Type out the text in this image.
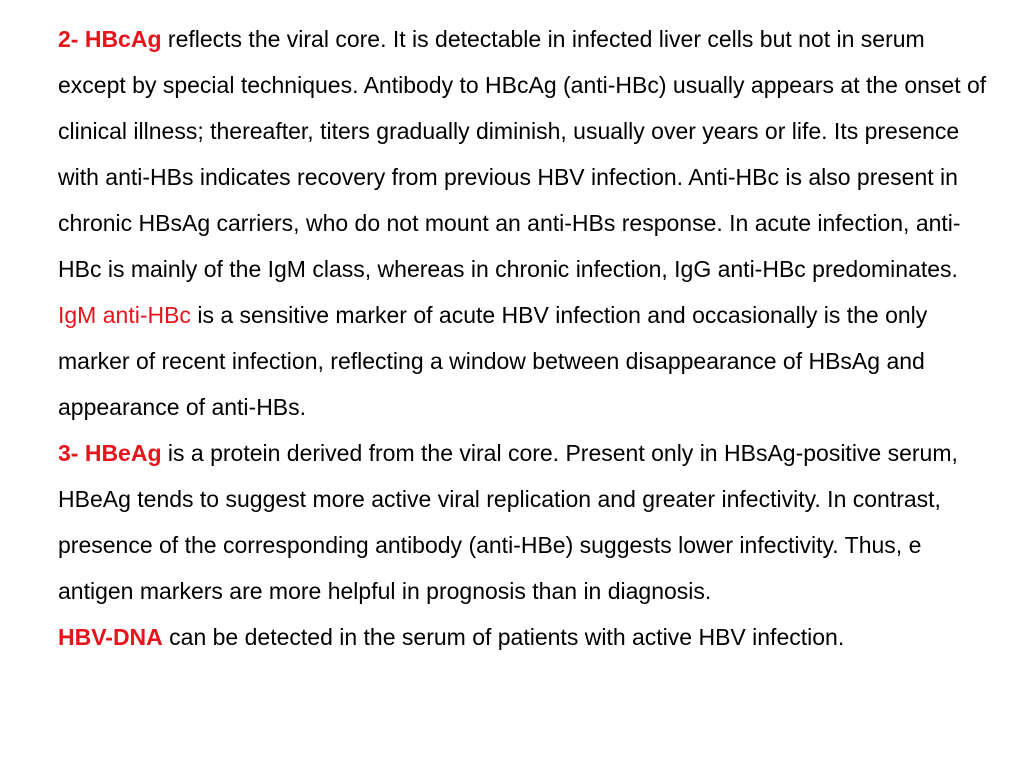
2- HBcAg reflects the viral core. It is detectable in infected liver cells but not in serum except by special techniques. Antibody to HBcAg (anti-HBc) usually appears at the onset of clinical illness; thereafter, titers gradually diminish, usually over years or life. Its presence with anti-HBs indicates recovery from previous HBV infection. Anti-HBc is also present in chronic HBsAg carriers, who do not mount an anti-HBs response. In acute infection, anti-HBc is mainly of the IgM class, whereas in chronic infection, IgG anti-HBc predominates. IgM anti-HBc is a sensitive marker of acute HBV infection and occasionally is the only marker of recent infection, reflecting a window between disappearance of HBsAg and appearance of anti-HBs.

3- HBeAg is a protein derived from the viral core. Present only in HBsAg-positive serum, HBeAg tends to suggest more active viral replication and greater infectivity. In contrast, presence of the corresponding antibody (anti-HBe) suggests lower infectivity. Thus, e antigen markers are more helpful in prognosis than in diagnosis.

HBV-DNA can be detected in the serum of patients with active HBV infection.
